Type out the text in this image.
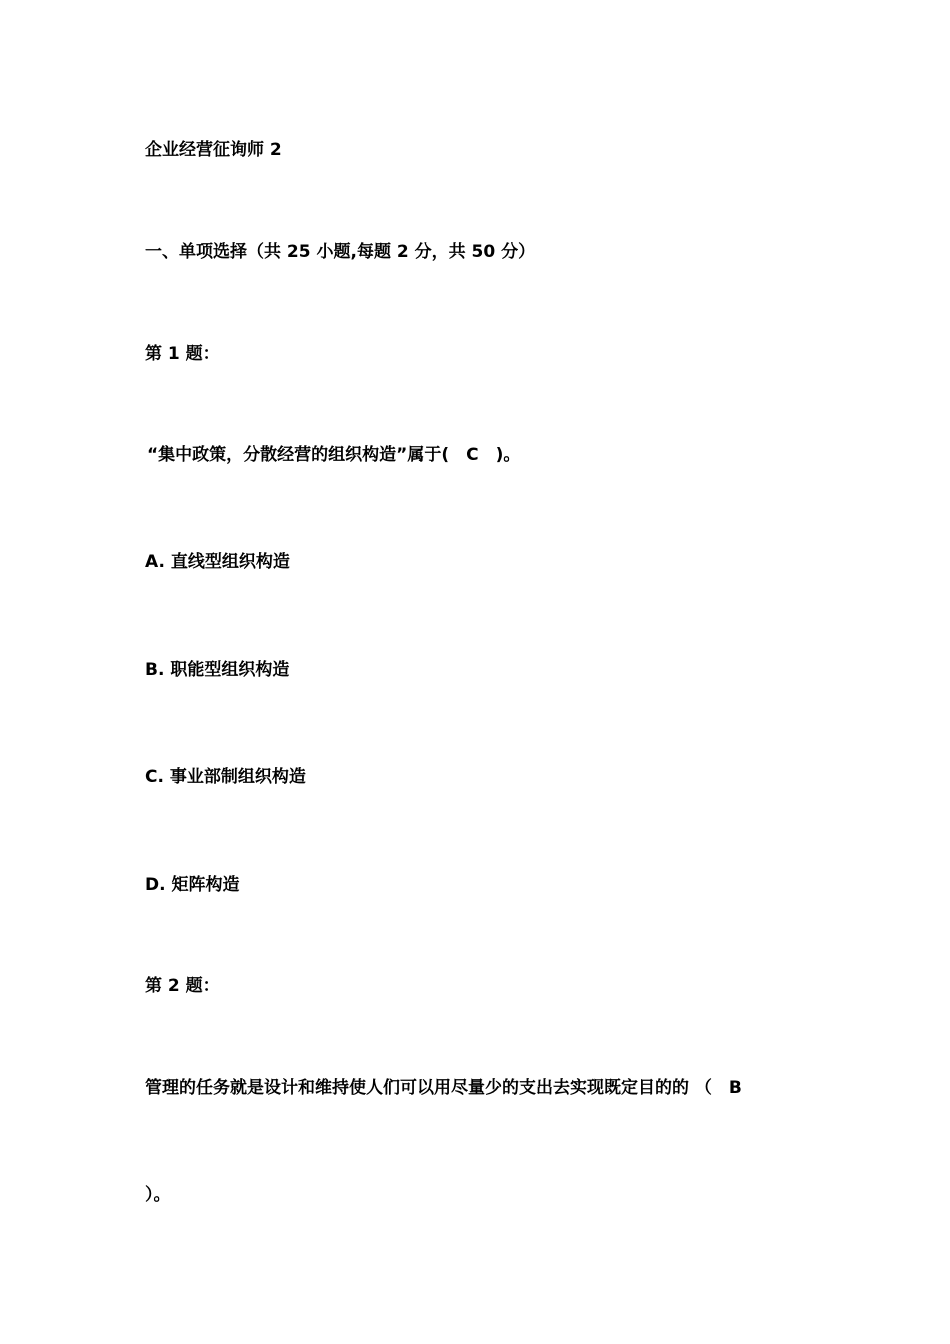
企业经营征询师 2
一、单项选择（共 25 小题,每题 2 分，共 50 分）
第 1 题：
“集中政策，分散经营的组织构造”属于(　C　)。
A. 直线型组织构造
B. 职能型组织构造
C. 事业部制组织构造
D. 矩阵构造
第 2 题：
管理的任务就是设计和维持使人们可以用尽量少的支出去实现既定目的的 （　B
）。
